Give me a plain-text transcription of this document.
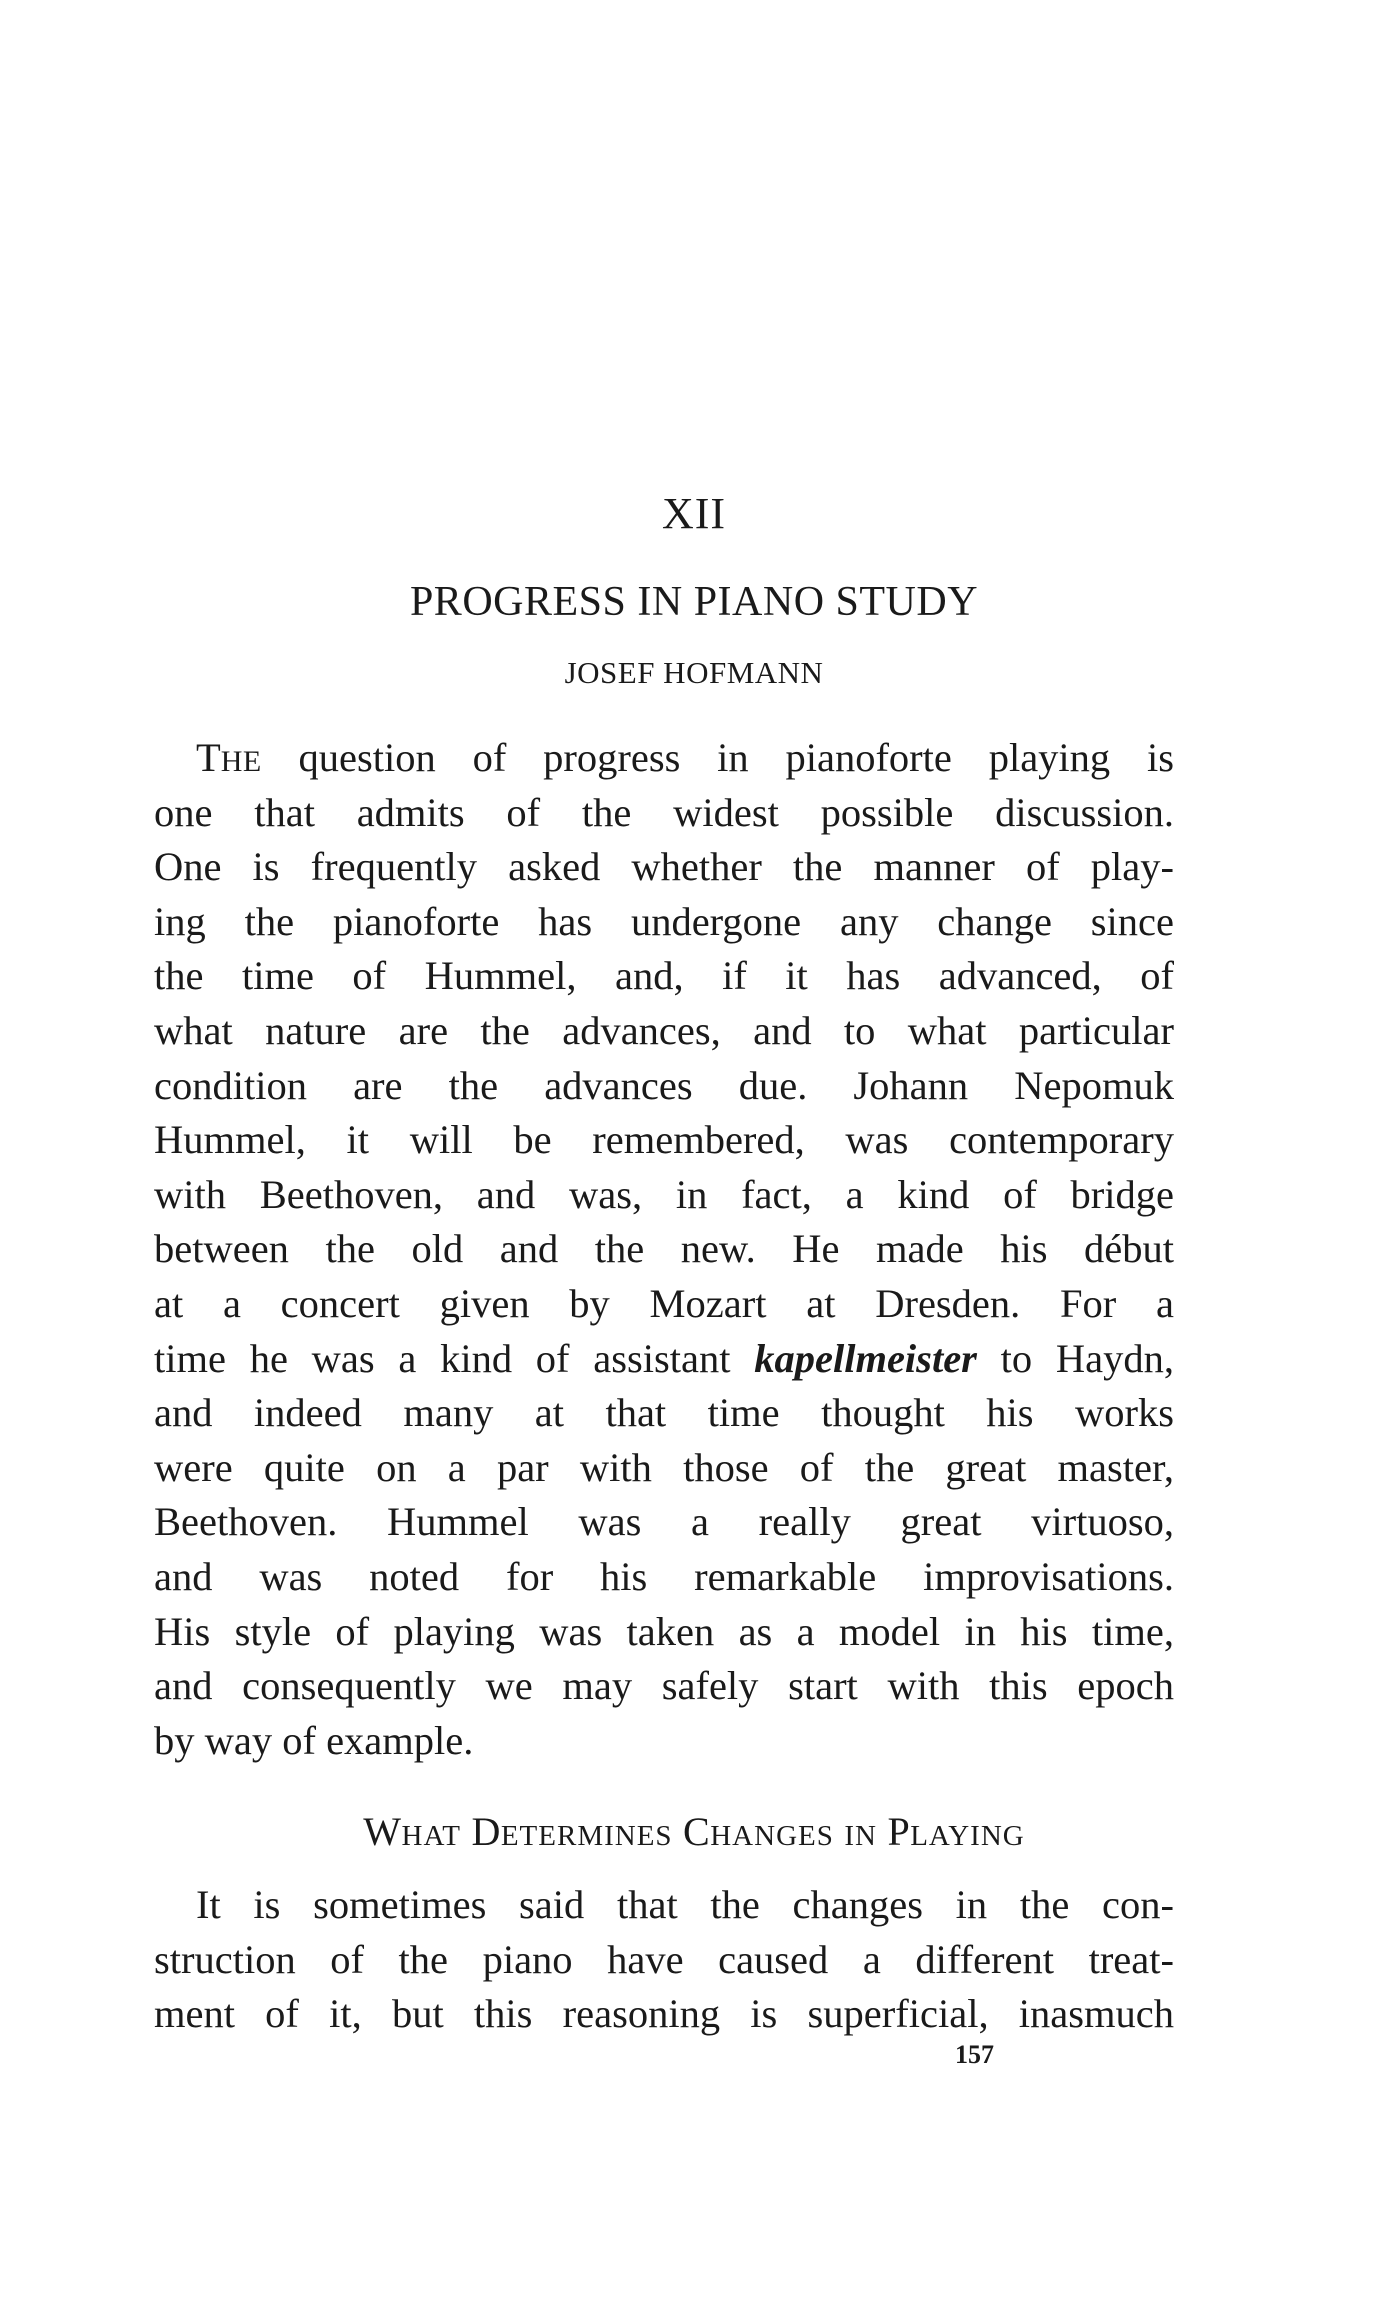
XII
PROGRESS IN PIANO STUDY
JOSEF HOFMANN
THE question of progress in pianoforte playing is
one that admits of the widest possible discussion.
One is frequently asked whether the manner of play-
ing the pianoforte has undergone any change since
the time of Hummel, and, if it has advanced, of
what nature are the advances, and to what particular
condition are the advances due. Johann Nepomuk
Hummel, it will be remembered, was contemporary
with Beethoven, and was, in fact, a kind of bridge
between the old and the new. He made his début
at a concert given by Mozart at Dresden. For a
time he was a kind of assistant kapellmeister to Haydn,
and indeed many at that time thought his works
were quite on a par with those of the great master,
Beethoven. Hummel was a really great virtuoso,
and was noted for his remarkable improvisations.
His style of playing was taken as a model in his time,
and consequently we may safely start with this epoch
by way of example.
WHAT DETERMINES CHANGES IN PLAYING
It is sometimes said that the changes in the con-
struction of the piano have caused a different treat-
ment of it, but this reasoning is superficial, inasmuch
157
